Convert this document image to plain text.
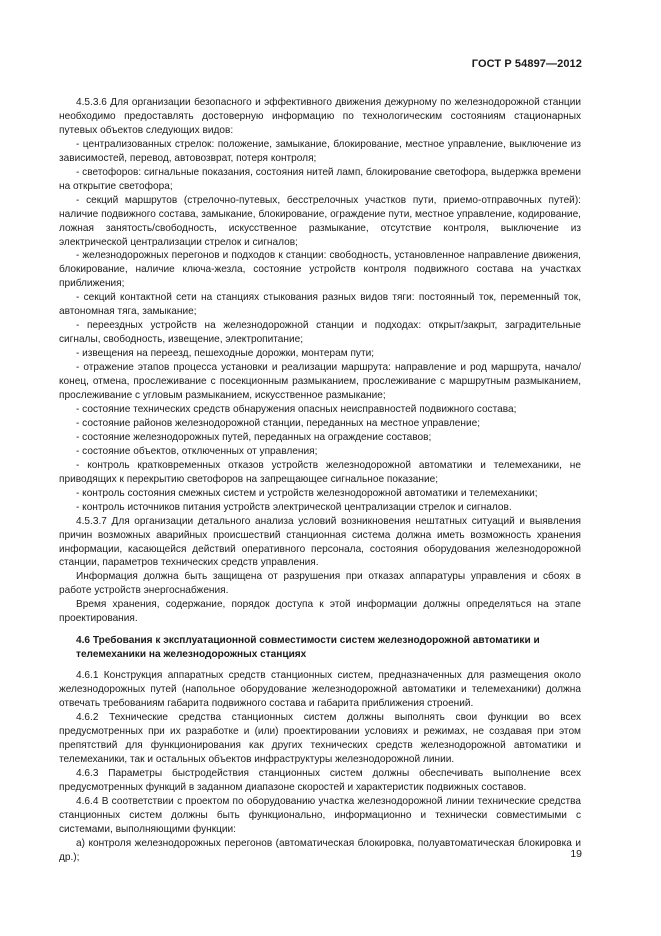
ГОСТ Р 54897—2012

4.5.3.6 Для организации безопасного и эффективного движения дежурному по железнодорожной станции необходимо предоставлять достоверную информацию по технологическим состояниям стационарных путевых объектов следующих видов:

- централизованных стрелок: положение, замыкание, блокирование, местное управление, выключение из зависимостей, перевод, автовозврат, потеря контроля;

- светофоров: сигнальные показания, состояния нитей ламп, блокирование светофора, выдержка времени на открытие светофора;

- секций маршрутов (стрелочно-путевых, бесстрелочных участков пути, приемо-отправочных путей): наличие подвижного состава, замыкание, блокирование, ограждение пути, местное управление, кодирование, ложная занятость/свободность, искусственное размыкание, отсутствие контроля, выключение из электрической централизации стрелок и сигналов;

- железнодорожных перегонов и подходов к станции: свободность, установленное направление движения, блокирование, наличие ключа-жезла, состояние устройств контроля подвижного состава на участках приближения;

- секций контактной сети на станциях стыкования разных видов тяги: постоянный ток, переменный ток, автономная тяга, замыкание;

- переездных устройств на железнодорожной станции и подходах: открыт/закрыт, заградительные сигналы, свободность, извещение, электропитание;

- извещения на переезд, пешеходные дорожки, монтерам пути;

- отражение этапов процесса установки и реализации маршрута: направление и род маршрута, начало/конец, отмена, прослеживание с посекционным размыканием, прослеживание с маршрутным размыканием, прослеживание с угловым размыканием, искусственное размыкание;

- состояние технических средств обнаружения опасных неисправностей подвижного состава;

- состояние районов железнодорожной станции, переданных на местное управление;

- состояние железнодорожных путей, переданных на ограждение составов;

- состояние объектов, отключенных от управления;

- контроль кратковременных отказов устройств железнодорожной автоматики и телемеханики, не приводящих к перекрытию светофоров на запрещающее сигнальное показание;

- контроль состояния смежных систем и устройств железнодорожной автоматики и телемеханики;

- контроль источников питания устройств электрической централизации стрелок и сигналов.

4.5.3.7 Для организации детального анализа условий возникновения нештатных ситуаций и выявления причин возможных аварийных происшествий станционная система должна иметь возможность хранения информации, касающейся действий оперативного персонала, состояния оборудования железнодорожной станции, параметров технических средств управления.

Информация должна быть защищена от разрушения при отказах аппаратуры управления и сбоях в работе устройств энергоснабжения.

Время хранения, содержание, порядок доступа к этой информации должны определяться на этапе проектирования.

4.6 Требования к эксплуатационной совместимости систем железнодорожной автоматики и телемеханики на железнодорожных станциях

4.6.1 Конструкция аппаратных средств станционных систем, предназначенных для размещения около железнодорожных путей (напольное оборудование железнодорожной автоматики и телемеханики) должна отвечать требованиям габарита подвижного состава и габарита приближения строений.

4.6.2 Технические средства станционных систем должны выполнять свои функции во всех предусмотренных при их разработке и (или) проектировании условиях и режимах, не создавая при этом препятствий для функционирования как других технических средств железнодорожной автоматики и телемеханики, так и остальных объектов инфраструктуры железнодорожной линии.

4.6.3 Параметры быстродействия станционных систем должны обеспечивать выполнение всех предусмотренных функций в заданном диапазоне скоростей и характеристик подвижных составов.

4.6.4 В соответствии с проектом по оборудованию участка железнодорожной линии технические средства станционных систем должны быть функционально, информационно и технически совместимыми с системами, выполняющими функции:

а) контроля железнодорожных перегонов (автоматическая блокировка, полуавтоматическая блокировка и др.);	19
